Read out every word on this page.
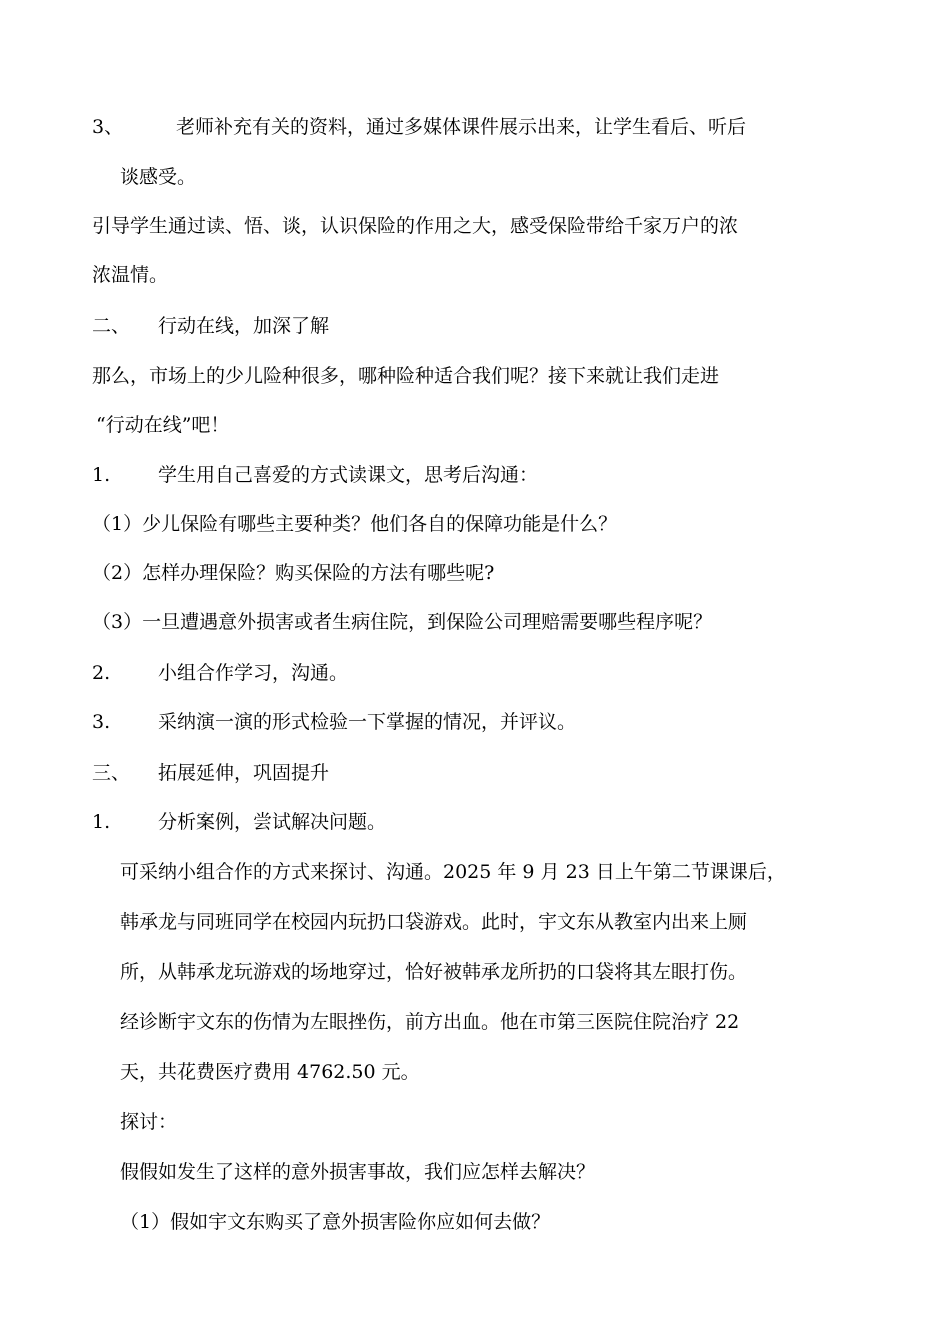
3、	老师补充有关的资料，通过多媒体课件展示出来，让学生看后、听后
谈感受。
引导学生通过读、悟、谈，认识保险的作用之大，感受保险带给千家万户的浓
浓温情。
二、 行动在线，加深了解
那么，市场上的少儿险种很多，哪种险种适合我们呢？接下来就让我们走进
“行动在线”吧！
1.	学生用自己喜爱的方式读课文，思考后沟通：
（1）少儿保险有哪些主要种类？他们各自的保障功能是什么？
（2）怎样办理保险？购买保险的方法有哪些呢?
（3）一旦遭遇意外损害或者生病住院，到保险公司理赔需要哪些程序呢？
2.	小组合作学习，沟通。
3.	采纳演一演的形式检验一下掌握的情况，并评议。
三、 拓展延伸，巩固提升
1.	分析案例，尝试解决问题。
可采纳小组合作的方式来探讨、沟通。2025 年 9 月 23 日上午第二节课课后，
韩承龙与同班同学在校园内玩扔口袋游戏。此时，宇文东从教室内出来上厕
所，从韩承龙玩游戏的场地穿过，恰好被韩承龙所扔的口袋将其左眼打伤。
经诊断宇文东的伤情为左眼挫伤，前方出血。他在市第三医院住院治疗 22
天，共花费医疗费用 4762.50 元。
探讨：
假假如发生了这样的意外损害事故，我们应怎样去解决？
（1）假如宇文东购买了意外损害险你应如何去做？
